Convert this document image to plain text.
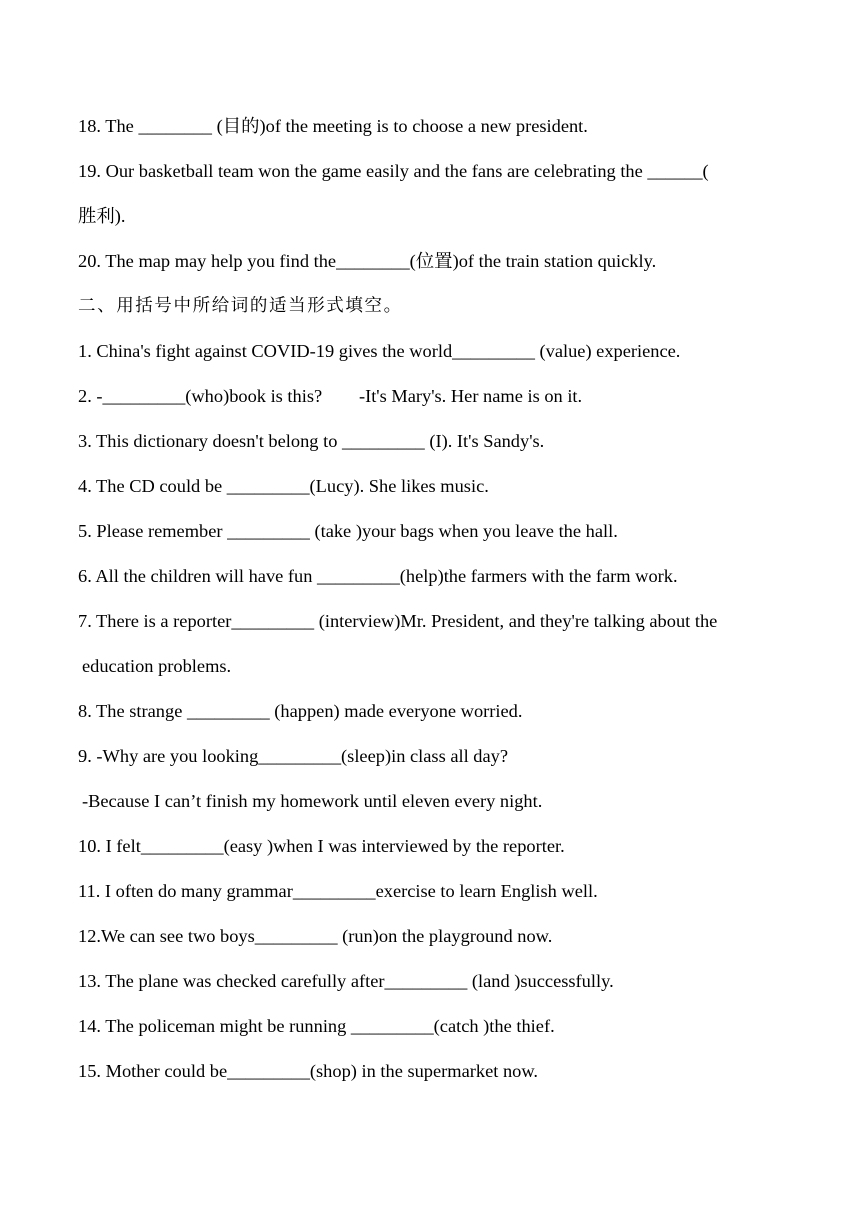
18. The ________ (目的)of the meeting is to choose a new president.
19. Our basketball team won the game easily and the fans are celebrating the ______(
胜利).
20. The map may help you find the________(位置)of the train station quickly.
二、用括号中所给词的适当形式填空。
1. China's fight against COVID-19 gives the world_________ (value) experience.
2. -_________(who)book is this?        -It's Mary's. Her name is on it.
3. This dictionary doesn't belong to _________ (I). It's Sandy's.
4. The CD could be _________(Lucy). She likes music.
5. Please remember _________ (take )your bags when you leave the hall.
6. All the children will have fun _________(help)the farmers with the farm work.
7. There is a reporter_________ (interview)Mr. President, and they're talking about the
education problems.
8. The strange _________ (happen) made everyone worried.
9. -Why are you looking_________(sleep)in class all day?
-Because I can’t finish my homework until eleven every night.
10. I felt_________(easy )when I was interviewed by the reporter.
11. I often do many grammar_________exercise to learn English well.
12.We can see two boys_________ (run)on the playground now.
13. The plane was checked carefully after_________ (land )successfully.
14. The policeman might be running _________(catch )the thief.
15. Mother could be_________(shop) in the supermarket now.
